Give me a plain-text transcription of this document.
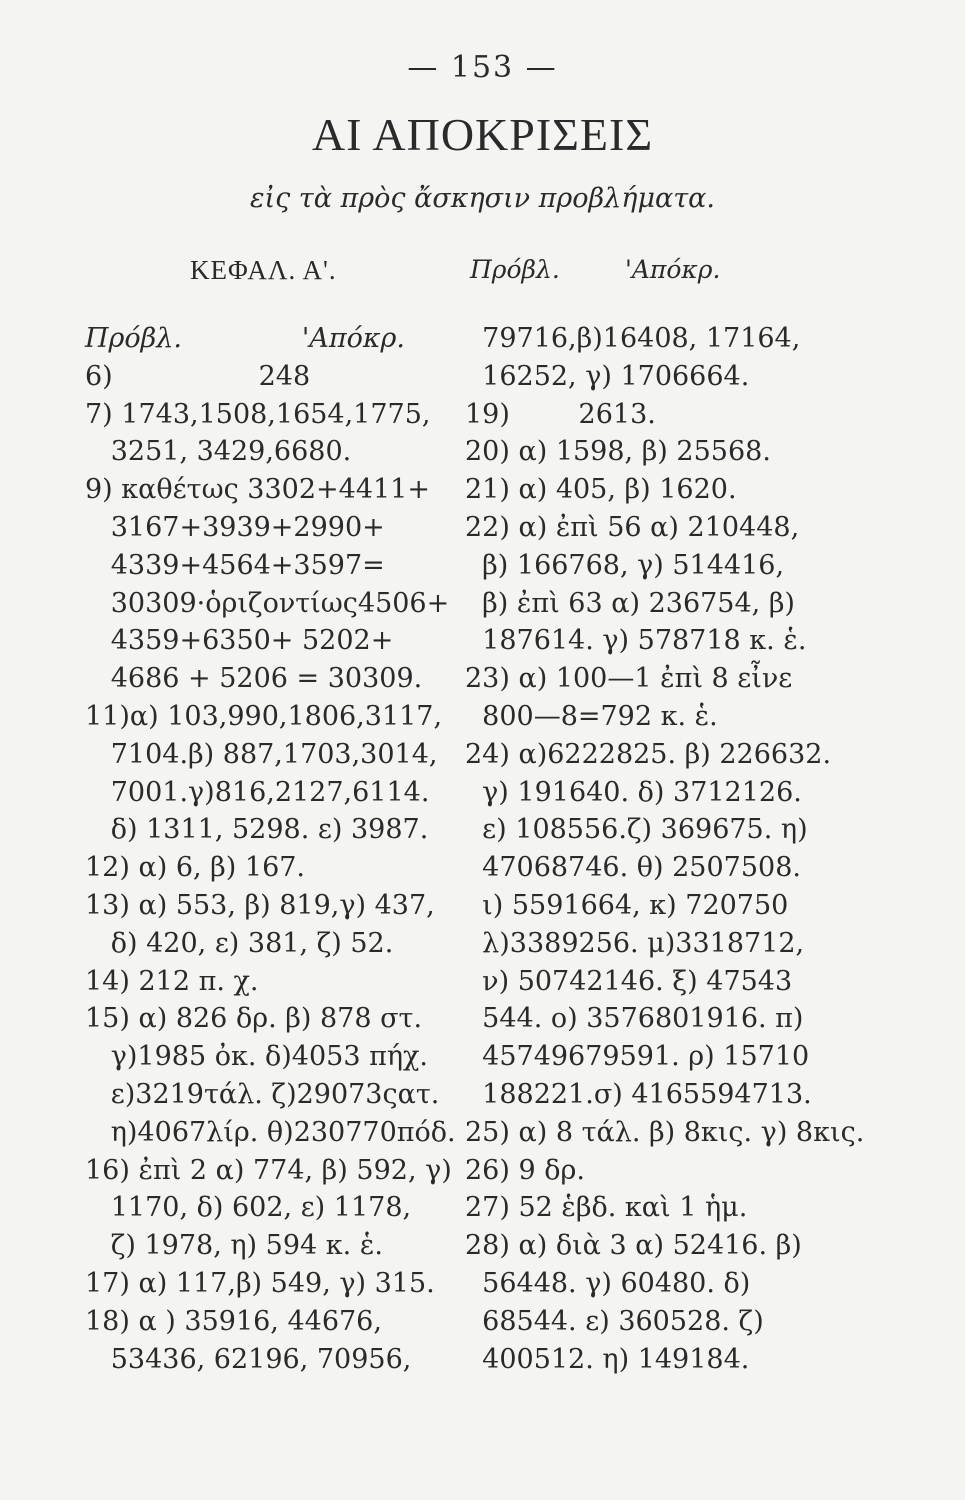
— 153 —
ΑΙ ΑΠΟΚΡΙΣΕΙΣ
εἰς τὰ πρὸς ἄσκησιν προβλήματα.
ΚΕΦΑΛ. Α'.	Πρόβλ.	'Απόκρ.
Πρόβλ.	'Απόκρ.
6)                 248
7) 1743,1508,1654,1775,
3251, 3429,6680.
9) καθέτως 3302+4411+
3167+3939+2990+
4339+4564+3597=
30309·ὁριζοντίως4506+
4359+6350+ 5202+
4686 + 5206 = 30309.
11)α) 103,990,1806,3117,
7104.β) 887,1703,3014,
7001.γ)816,2127,6114.
δ) 1311, 5298. ε) 3987.
12) α) 6, β) 167.
13) α) 553, β) 819,γ) 437,
δ) 420, ε) 381, ζ) 52.
14) 212 π. χ.
15) α) 826 δρ. β) 878 στ.
γ)1985 ὀκ. δ)4053 πήχ.
ε)3219τάλ. ζ)29073ςατ.
η)4067λίρ. θ)230770πόδ.
16) ἐπὶ 2 α) 774, β) 592, γ)
1170, δ) 602, ε) 1178,
ζ) 1978, η) 594 κ. ἑ.
17) α) 117,β) 549, γ) 315.
18) α ) 35916, 44676,
53436, 62196, 70956,
79716,β)16408, 17164,
16252, γ) 1706664.
19)        2613.
20) α) 1598, β) 25568.
21) α) 405, β) 1620.
22) α) ἐπὶ 56 α) 210448,
β) 166768, γ) 514416,
β) ἐπὶ 63 α) 236754, β)
187614. γ) 578718 κ. ἑ.
23) α) 100—1 ἐπὶ 8 εἶνε
800—8=792 κ. ἑ.
24) α)6222825. β) 226632.
γ) 191640. δ) 3712126.
ε) 108556.ζ) 369675. η)
47068746. θ) 2507508.
ι) 5591664, κ) 720750
λ)3389256. μ)3318712,
ν) 50742146. ξ) 47543
544. ο) 3576801916. π)
45749679591. ρ) 15710
188221.σ) 4165594713.
25) α) 8 τάλ. β) 8κις. γ) 8κις.
26) 9 δρ.
27) 52 ἑβδ. καὶ 1 ἡμ.
28) α) διὰ 3 α) 52416. β)
56448. γ) 60480. δ)
68544. ε) 360528. ζ)
400512. η) 149184.
